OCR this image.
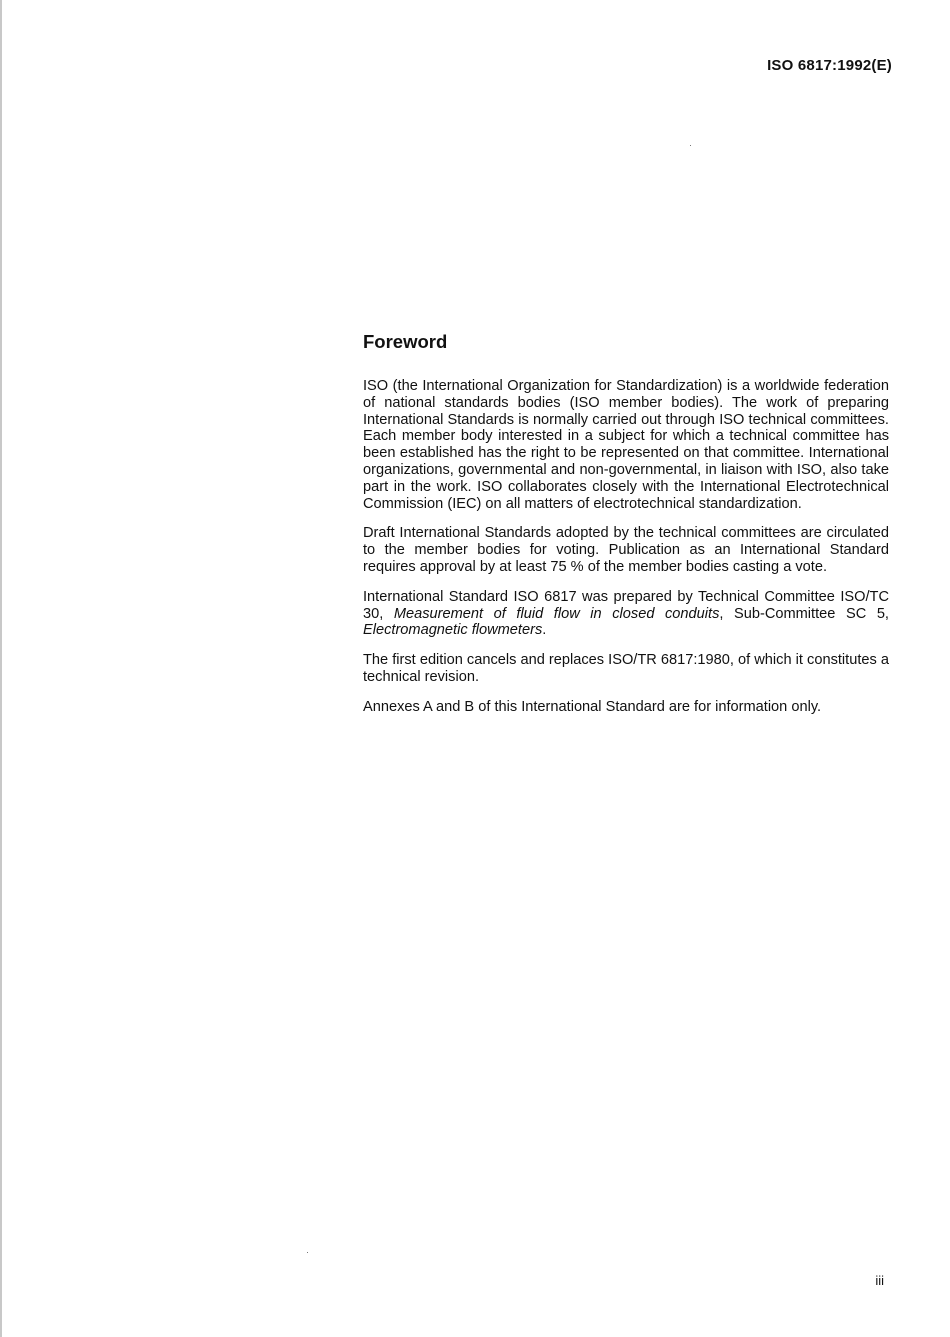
ISO 6817:1992(E)

Foreword

ISO (the International Organization for Standardization) is a worldwide federation of national standards bodies (ISO member bodies). The work of preparing International Standards is normally carried out through ISO technical committees. Each member body interested in a subject for which a technical committee has been established has the right to be represented on that committee. International organizations, governmental and non-governmental, in liaison with ISO, also take part in the work. ISO collaborates closely with the International Electrotechnical Commission (IEC) on all matters of electrotechnical standardization.

Draft International Standards adopted by the technical committees are circulated to the member bodies for voting. Publication as an International Standard requires approval by at least 75 % of the member bodies casting a vote.

International Standard ISO 6817 was prepared by Technical Committee ISO/TC 30, Measurement of fluid flow in closed conduits, Sub-Committee SC 5, Electromagnetic flowmeters.

The first edition cancels and replaces ISO/TR 6817:1980, of which it constitutes a technical revision.

Annexes A and B of this International Standard are for information only.

iii
